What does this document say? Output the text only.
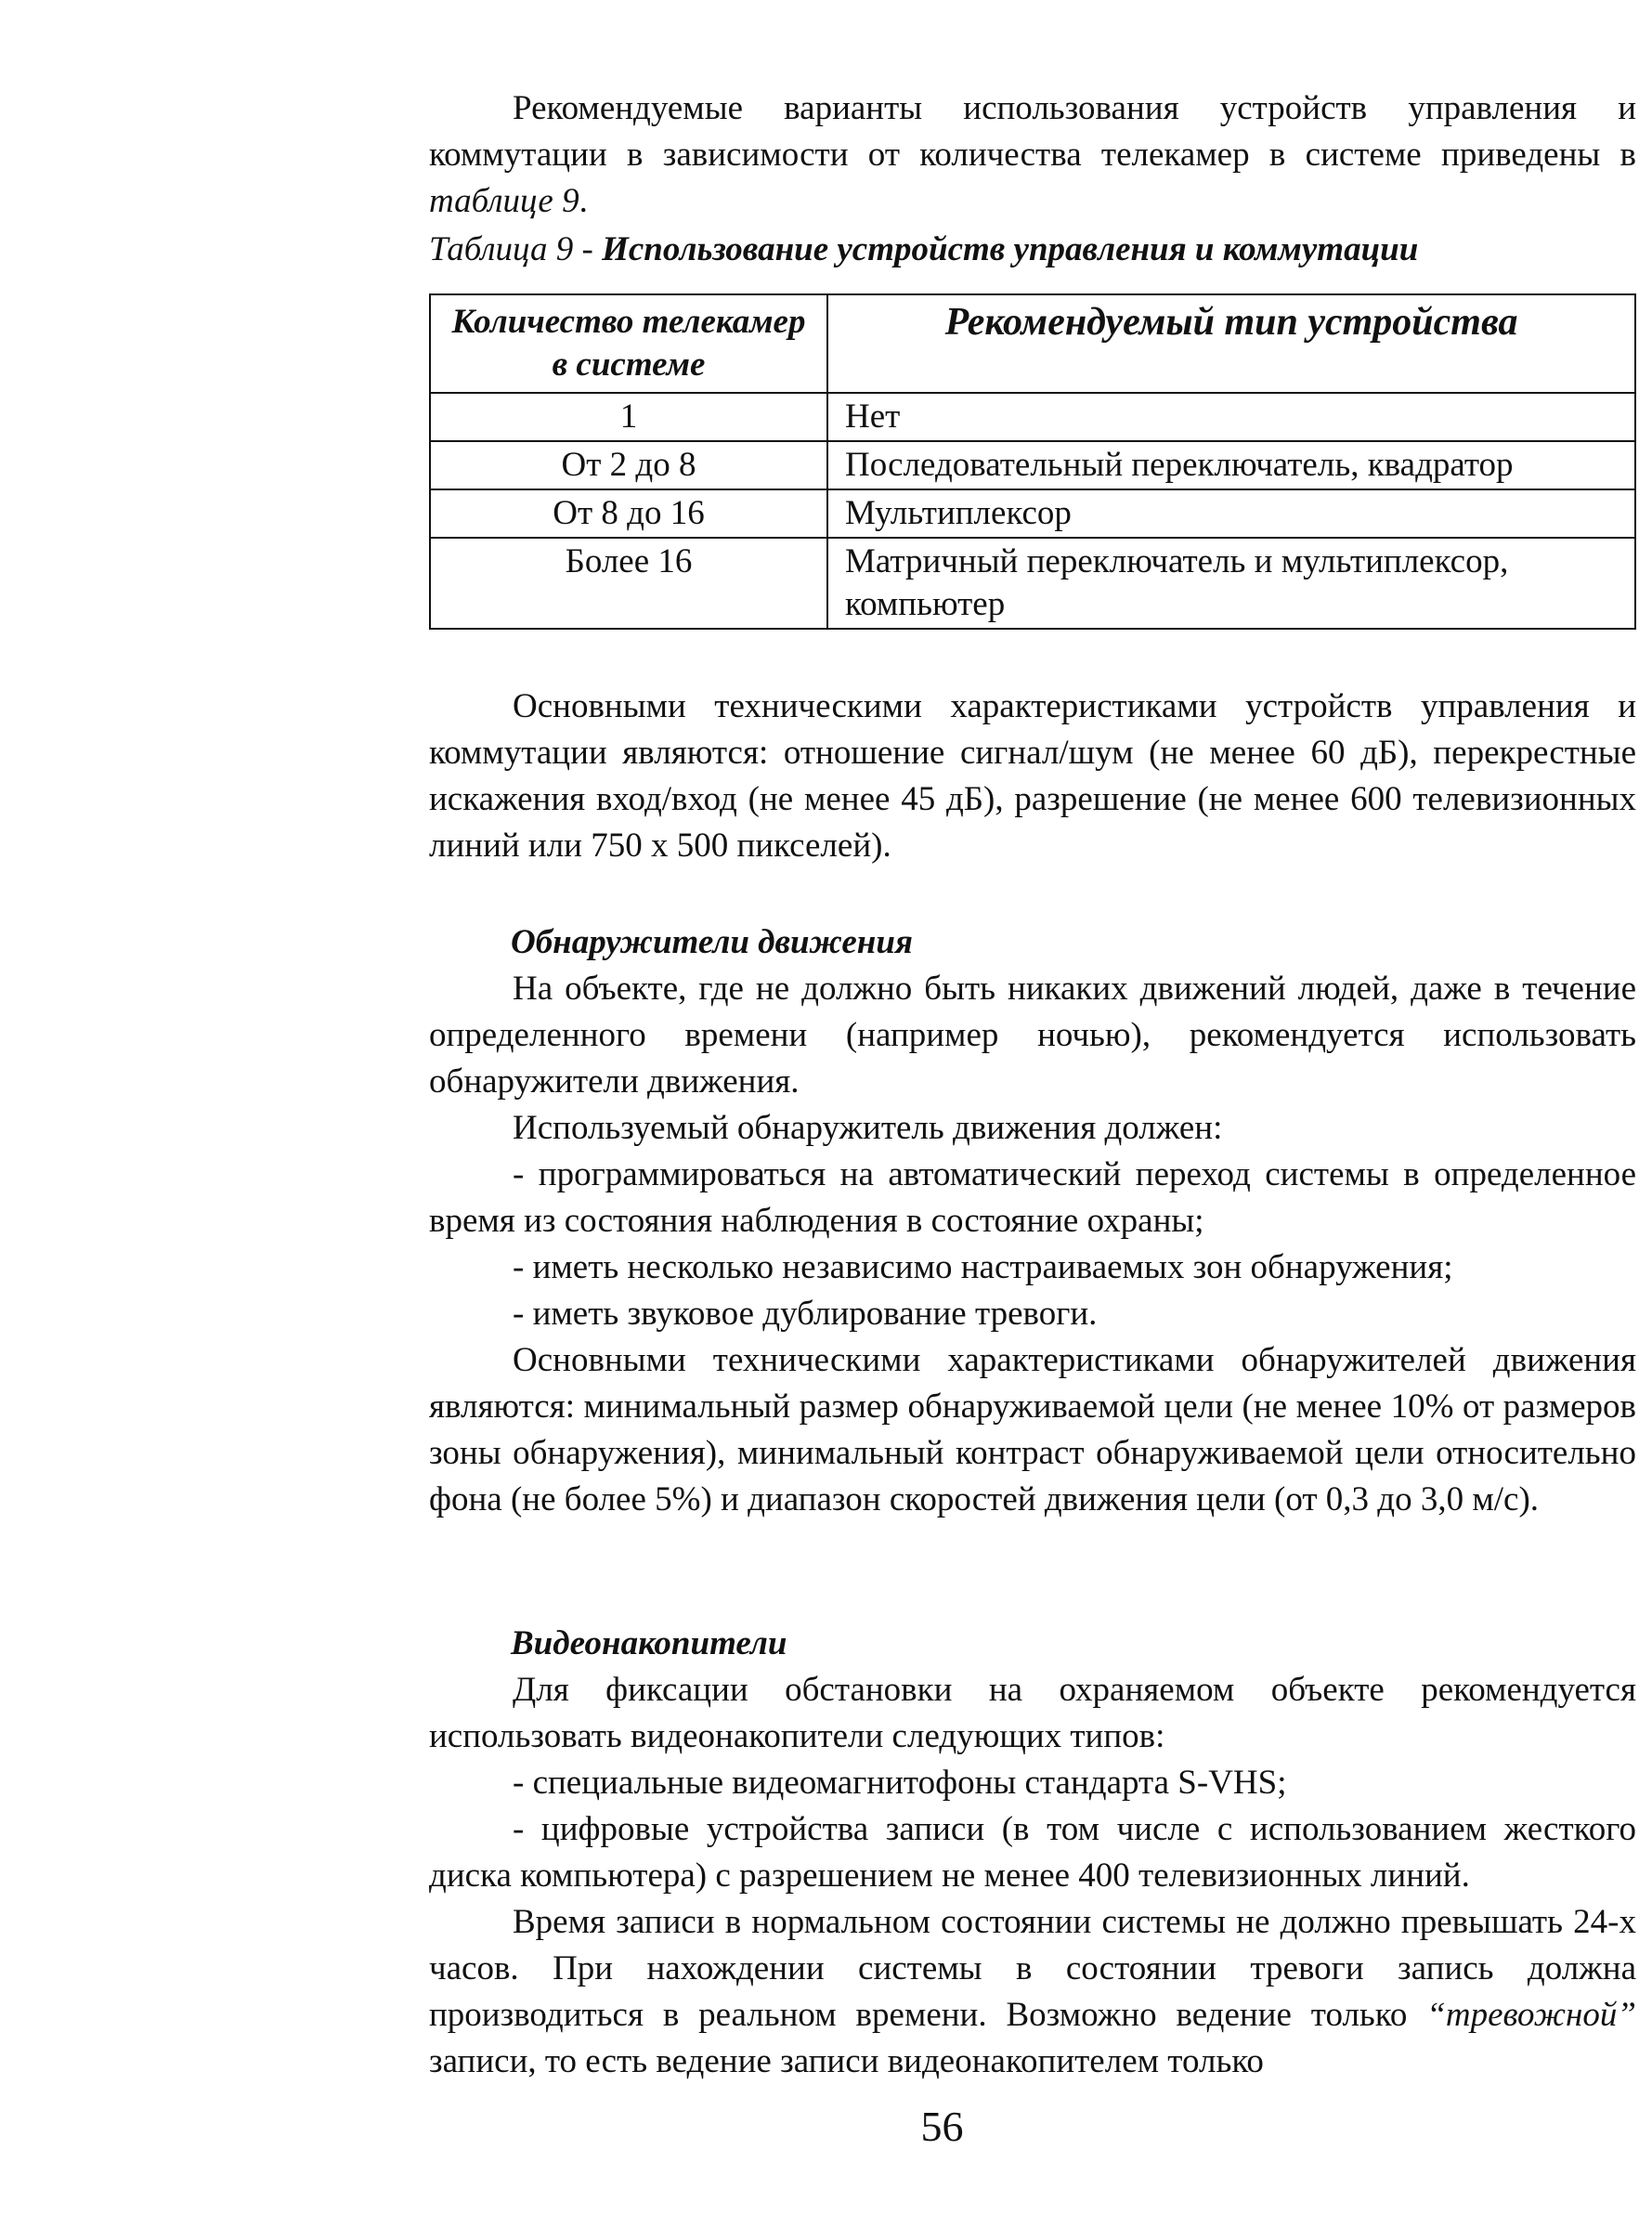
Рекомендуемые варианты использования устройств управления и коммутации в зависимости от количества телекамер в системе приведены в таблице 9.

Таблица 9 - Использование устройств управления и коммутации

Количество телекамер в системе	Рекомендуемый тип устройства
1	Нет
От 2 до 8	Последовательный переключатель, квадратор
От 8 до 16	Мультиплексор
Более 16	Матричный переключатель и мультиплексор, компьютер

Основными техническими характеристиками устройств управления и коммутации являются: отношение сигнал/шум (не менее 60 дБ), перекрестные искажения вход/вход (не менее 45 дБ), разрешение (не менее 600 телевизионных линий или 750 х 500 пикселей).

Обнаружители движения

На объекте, где не должно быть никаких движений людей, даже в течение определенного времени (например ночью), рекомендуется использовать обнаружители движения.

Используемый обнаружитель движения должен:

- программироваться на автоматический переход системы в определенное время из состояния наблюдения в состояние охраны;

- иметь несколько независимо настраиваемых зон обнаружения;

- иметь звуковое дублирование тревоги.

Основными техническими характеристиками обнаружителей движения являются: минимальный размер обнаруживаемой цели (не менее 10% от размеров зоны обнаружения), минимальный контраст обнаруживаемой цели относительно фона (не более 5%) и диапазон скоростей движения цели (от 0,3 до 3,0 м/с).

Видеонакопители

Для фиксации обстановки на охраняемом объекте рекомендуется использовать видеонакопители следующих типов:

- специальные видеомагнитофоны стандарта S-VHS;

- цифровые устройства записи (в том числе с использованием жесткого диска компьютера) с разрешением не менее 400 телевизионных линий.

Время записи в нормальном состоянии системы не должно превышать 24-х часов. При нахождении системы в состоянии тревоги запись должна производиться в реальном времени. Возможно ведение только “тревожной” записи, то есть ведение записи видеонакопителем только

56
